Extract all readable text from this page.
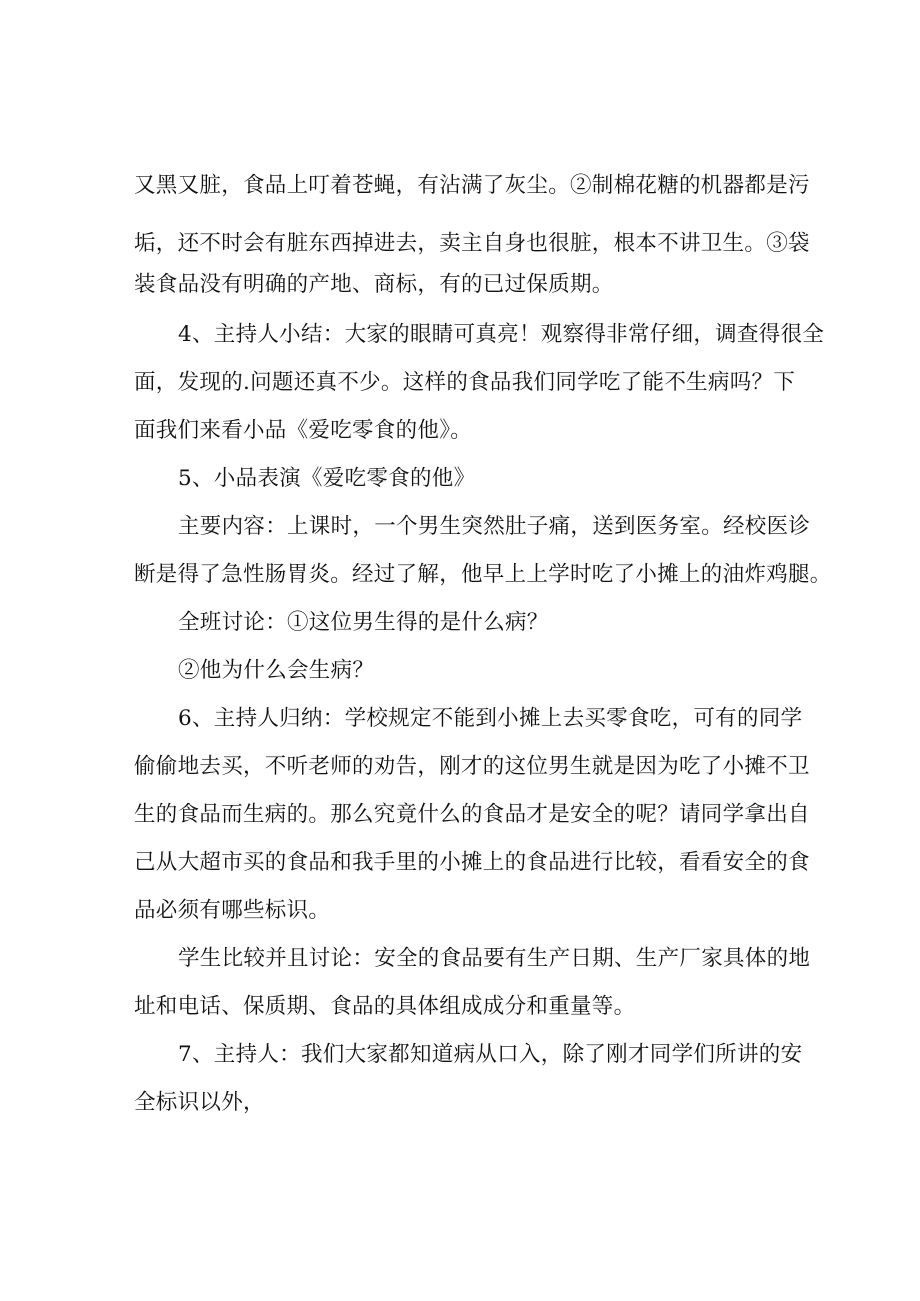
又黑又脏，食品上叮着苍蝇，有沾满了灰尘。②制棉花糖的机器都是污
垢，还不时会有脏东西掉进去，卖主自身也很脏，根本不讲卫生。③袋
装食品没有明确的产地、商标，有的已过保质期。
4、主持人小结：大家的眼睛可真亮！观察得非常仔细，调查得很全
面，发现的.问题还真不少。这样的食品我们同学吃了能不生病吗？下
面我们来看小品《爱吃零食的他》。
5、小品表演《爱吃零食的他》
主要内容：上课时，一个男生突然肚子痛，送到医务室。经校医诊
断是得了急性肠胃炎。经过了解，他早上上学时吃了小摊上的油炸鸡腿。
全班讨论：①这位男生得的是什么病？
②他为什么会生病？
6、主持人归纳：学校规定不能到小摊上去买零食吃，可有的同学
偷偷地去买，不听老师的劝告，刚才的这位男生就是因为吃了小摊不卫
生的食品而生病的。那么究竟什么的食品才是安全的呢？请同学拿出自
己从大超市买的食品和我手里的小摊上的食品进行比较，看看安全的食
品必须有哪些标识。
学生比较并且讨论：安全的食品要有生产日期、生产厂家具体的地
址和电话、保质期、食品的具体组成成分和重量等。
7、主持人：我们大家都知道病从口入，除了刚才同学们所讲的安
全标识以外，
